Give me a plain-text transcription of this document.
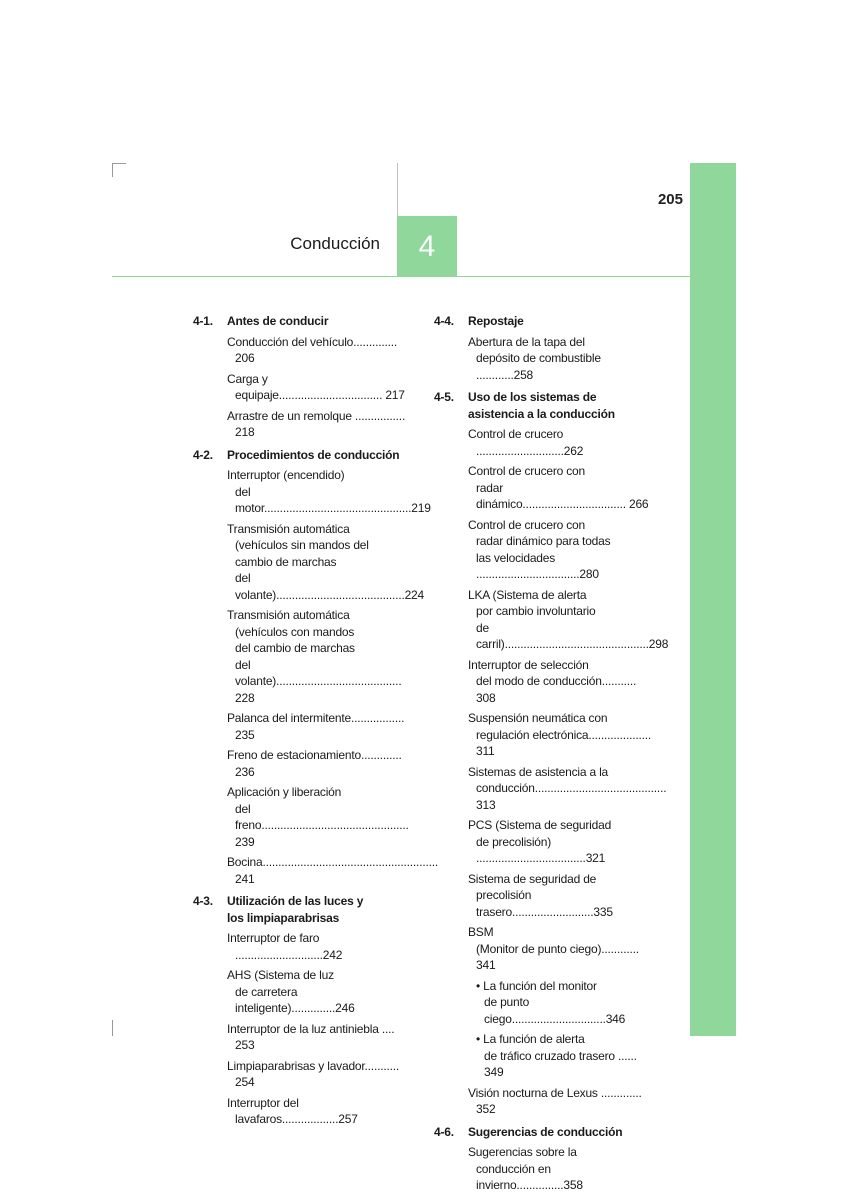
205
4
Conducción
4-1. Antes de conducir
Conducción del vehículo.............. 206
Carga y equipaje................................. 217
Arrastre de un remolque ................ 218
4-2. Procedimientos de conducción
Interruptor (encendido)
del motor...............................................219
Transmisión automática
(vehículos sin mandos del
cambio de marchas
del volante).........................................224
Transmisión automática
(vehículos con mandos
del cambio de marchas
del volante)........................................ 228
Palanca del intermitente................. 235
Freno de estacionamiento............. 236
Aplicación y liberación
del freno............................................... 239
Bocina........................................................ 241
4-3. Utilización de las luces y
los limpiaparabrisas
Interruptor de faro ............................242
AHS (Sistema de luz
de carretera inteligente)..............246
Interruptor de la luz antiniebla .... 253
Limpiaparabrisas y lavador........... 254
Interruptor del lavafaros..................257
4-4. Repostaje
Abertura de la tapa del
depósito de combustible ............258
4-5. Uso de los sistemas de
asistencia a la conducción
Control de crucero ............................262
Control de crucero con
radar dinámico................................. 266
Control de crucero con
radar dinámico para todas
las velocidades .................................280
LKA (Sistema de alerta
por cambio involuntario
de carril)..............................................298
Interruptor de selección
del modo de conducción........... 308
Suspensión neumática con
regulación electrónica.................... 311
Sistemas de asistencia a la
conducción.......................................... 313
PCS (Sistema de seguridad
de precolisión) ...................................321
Sistema de seguridad de
precolisión trasero..........................335
BSM
(Monitor de punto ciego)............ 341
• La función del monitor
de punto ciego..............................346
• La función de alerta
de tráfico cruzado trasero ...... 349
Visión nocturna de Lexus ............. 352
4-6. Sugerencias de conducción
Sugerencias sobre la
conducción en invierno...............358
